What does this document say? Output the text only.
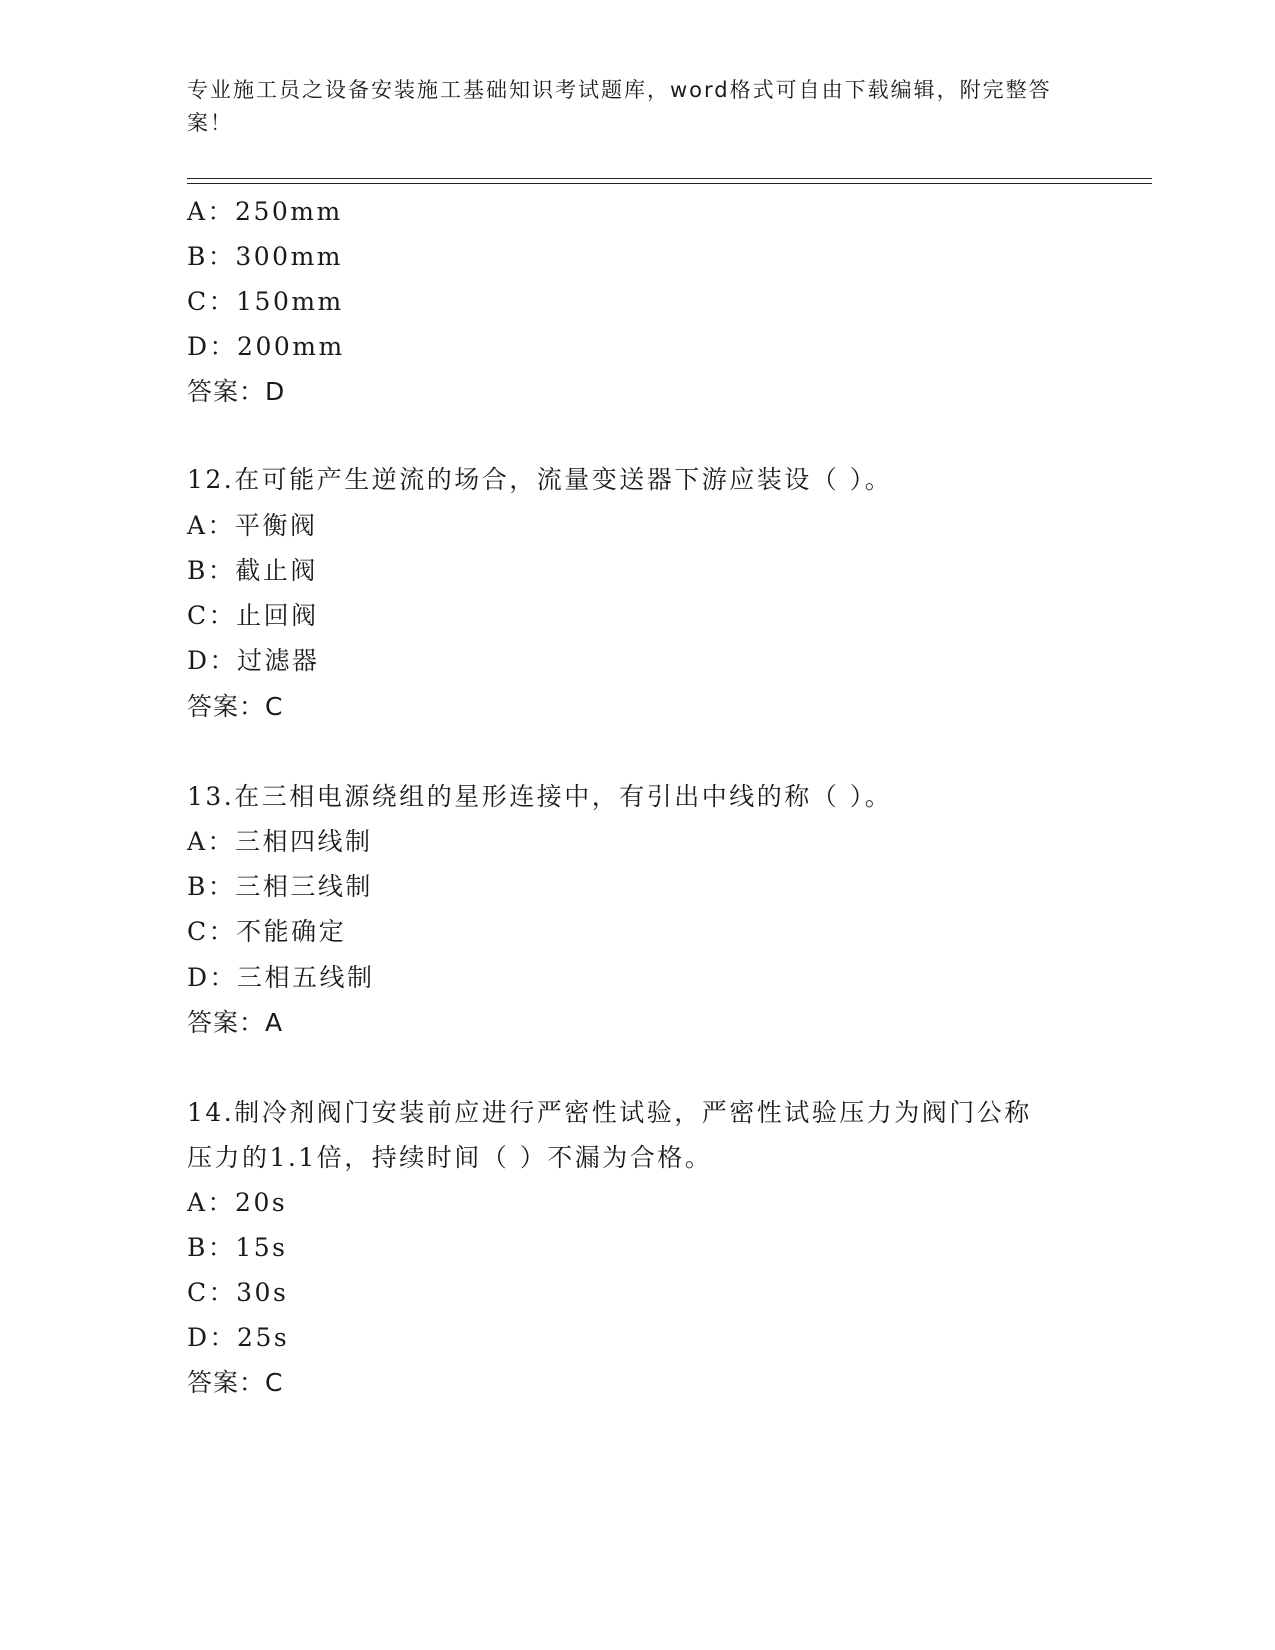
专业施工员之设备安装施工基础知识考试题库，word格式可自由下载编辑，附完整答案！
A：250mm
B：300mm
C：150mm
D：200mm
答案：D
12.在可能产生逆流的场合，流量变送器下游应装设（ ）。
A：平衡阀
B：截止阀
C：止回阀
D：过滤器
答案：C
13.在三相电源绕组的星形连接中，有引出中线的称（ ）。
A：三相四线制
B：三相三线制
C：不能确定
D：三相五线制
答案：A
14.制冷剂阀门安装前应进行严密性试验，严密性试验压力为阀门公称
压力的1.1倍，持续时间（ ）不漏为合格。
A：20s
B：15s
C：30s
D：25s
答案：C
